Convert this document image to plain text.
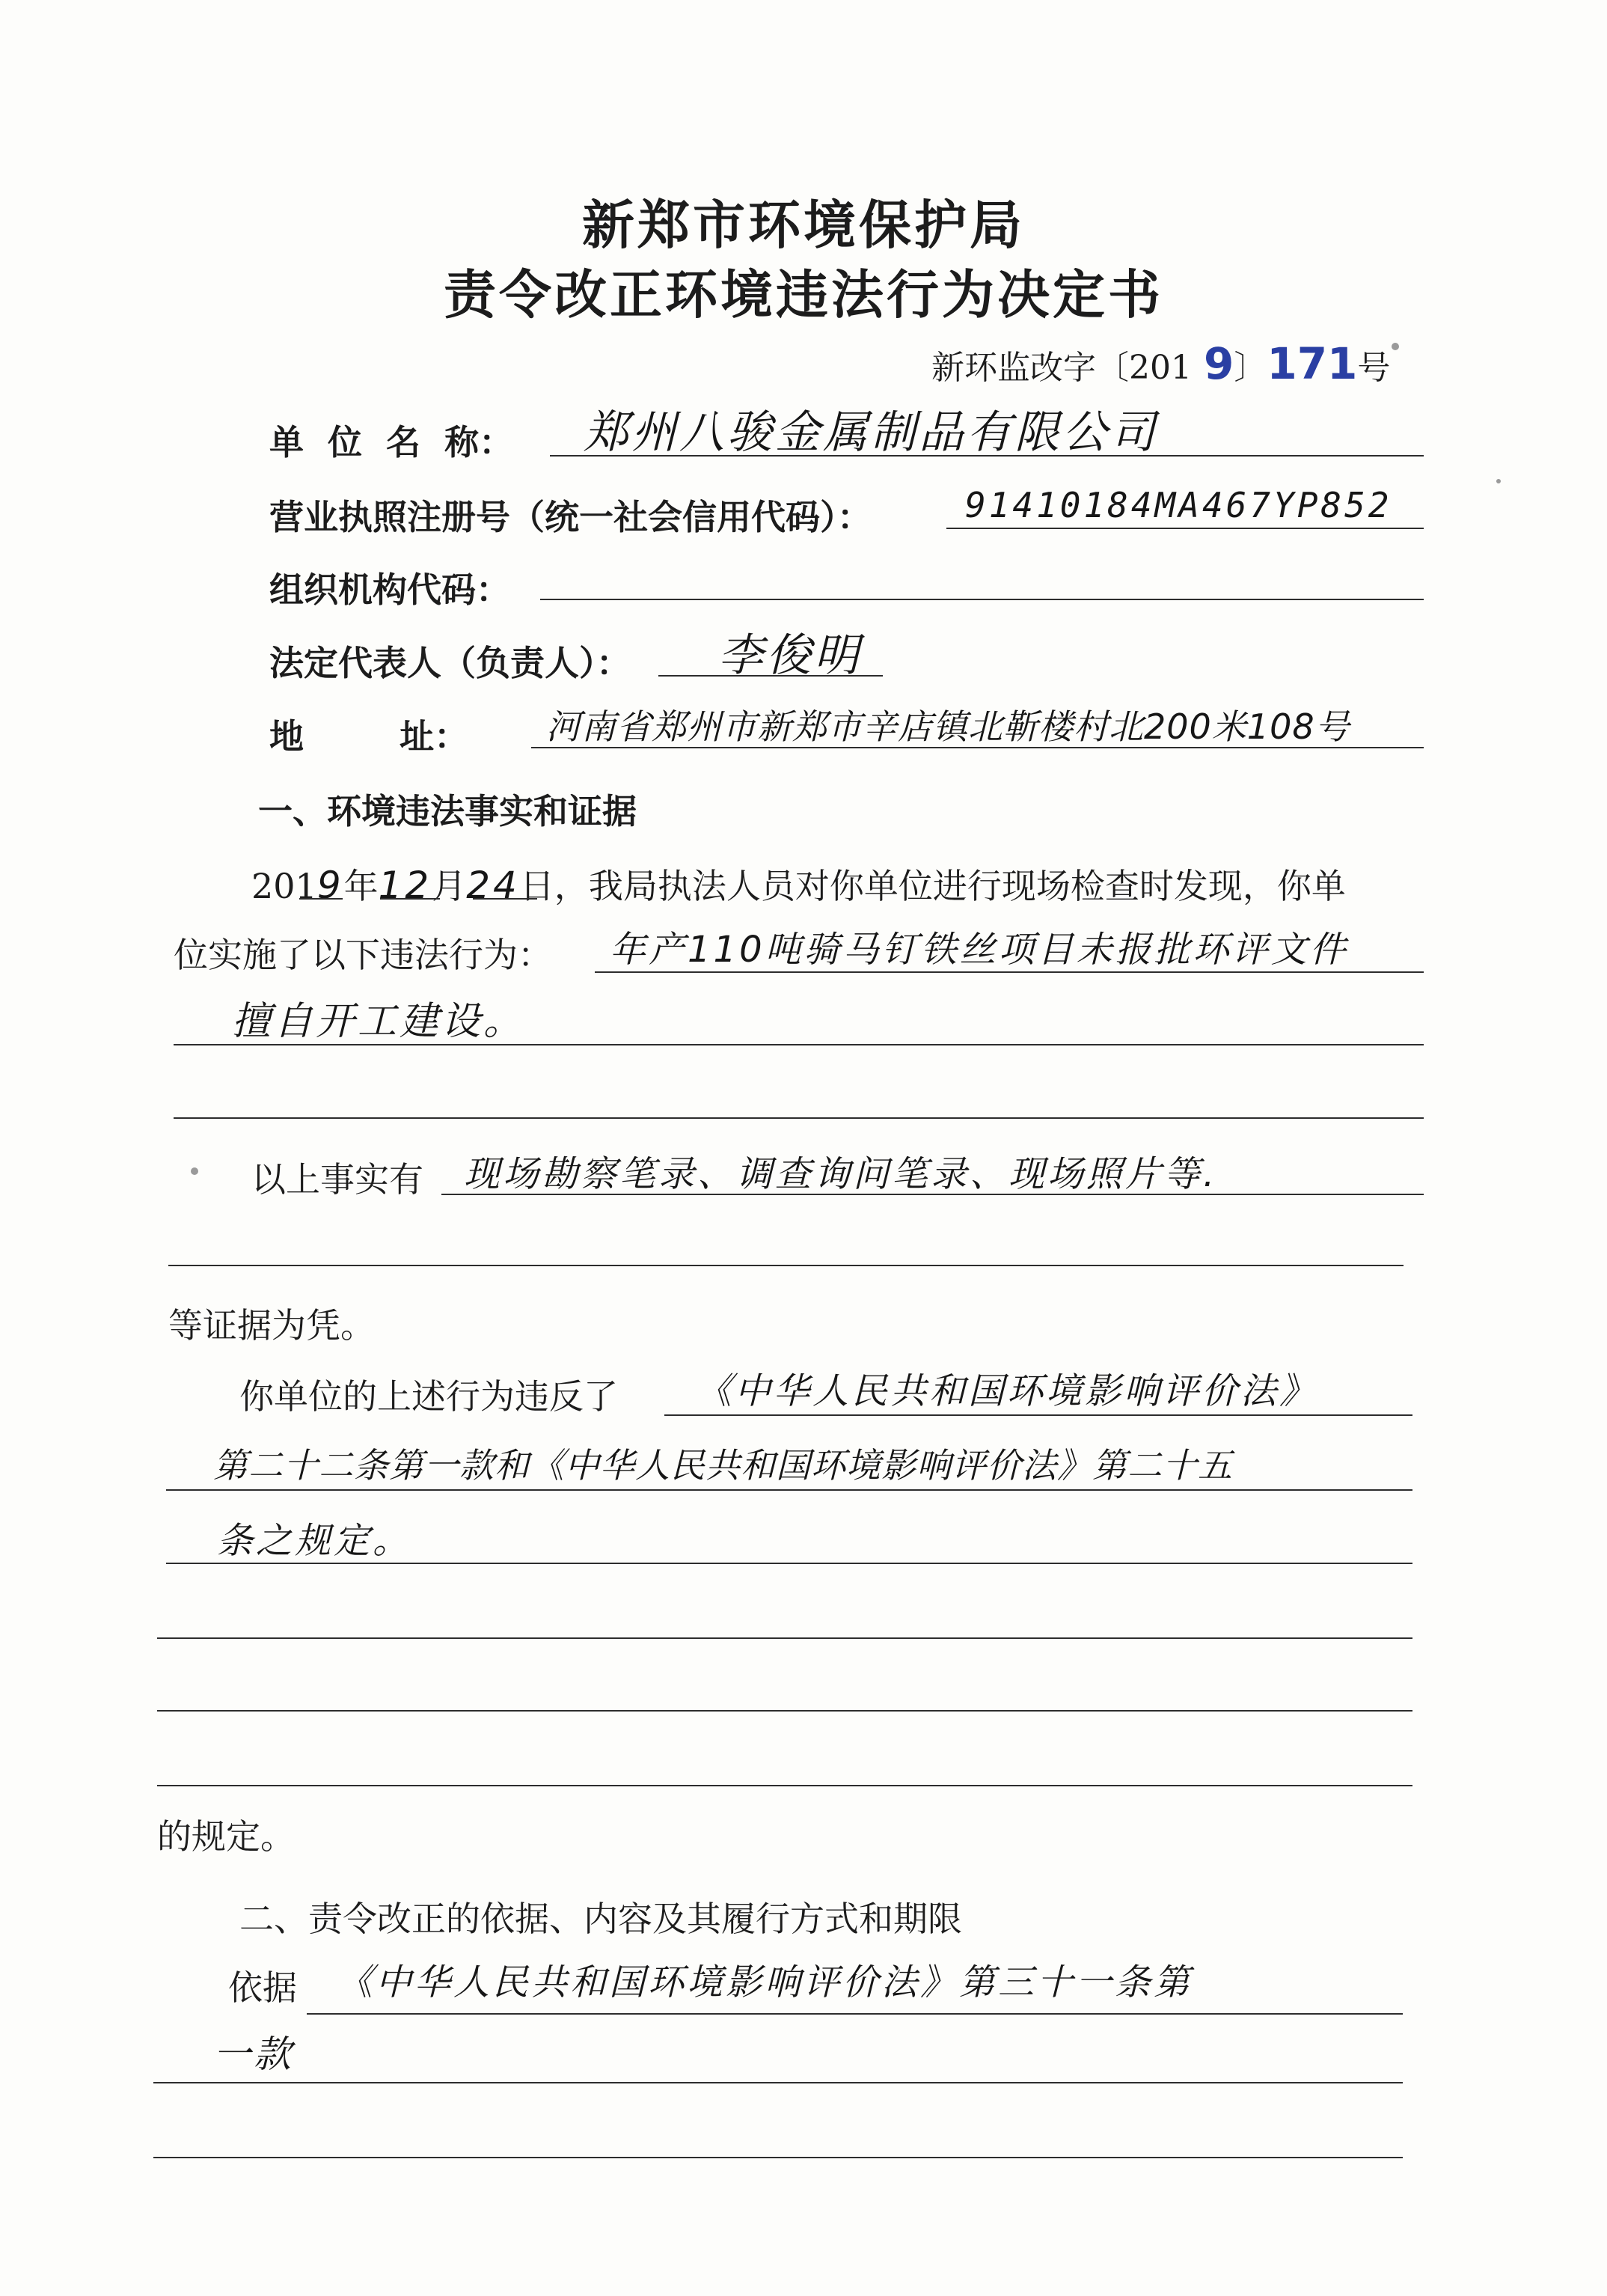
新郑市环境保护局
责令改正环境违法行为决定书
新环监改字〔201 9〕171号
单  位  名  称： 郑州八骏金属制品有限公司
营业执照注册号（统一社会信用代码）：	91410184MA467YP852
组织机构代码：
法定代表人（负责人）： 李俊明
地        址： 河南省郑州市新郑市辛店镇北靳楼村北200米108号
一、环境违法事实和证据
2019年12月24日，我局执法人员对你单位进行现场检查时发现，你单
位实施了以下违法行为： 年产110吨骑马钉铁丝项目未报批环评文件
擅自开工建设。
以上事实有 现场勘察笔录、调查询问笔录、现场照片等.
等证据为凭。
你单位的上述行为违反了 《中华人民共和国环境影响评价法》
第二十二条第一款和《中华人民共和国环境影响评价法》第二十五
条之规定。
的规定。
二、责令改正的依据、内容及其履行方式和期限
依据 《中华人民共和国环境影响评价法》第三十一条第
一款
